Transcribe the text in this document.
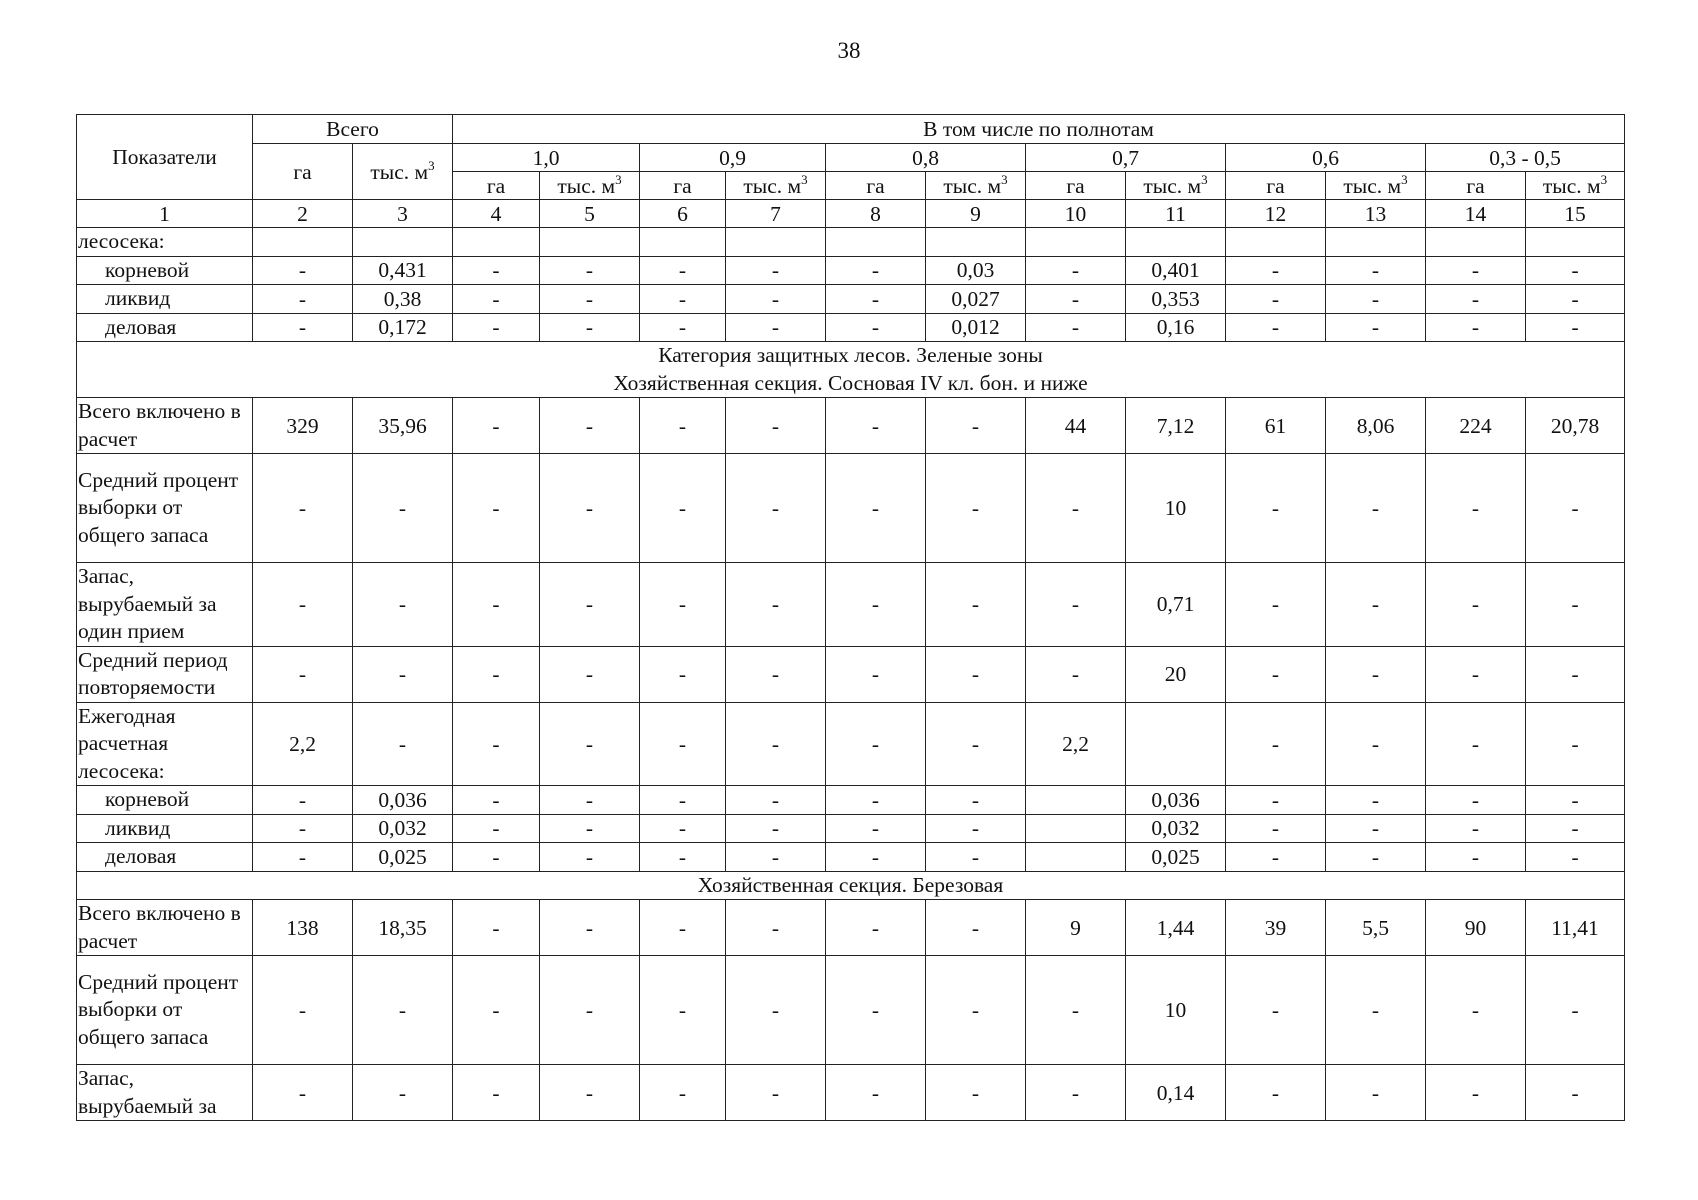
38
Показатели	Всего		В том числе по полнотам											
	га	тыс. $м^3$	1,0		0,9		0,8		0,7		0,6		0,3 - 0,5	
			га	тыс. $м^3$	га	тыс. $м^3$	га	тыс. $м^3$	га	тыс. $м^3$	га	тыс. $м^3$	га	тыс. $м^3$
1	2	3	4	5	6	7	8	9	10	11	12	13	14	15
лесосека:														
корневой	-	0,431	-	-	-	-	-	0,03	-	0,401	-	-	-	-
ликвид	-	0,38	-	-	-	-	-	0,027	-	0,353	-	-	-	-
деловая	-	0,172	-	-	-	-	-	0,012	-	0,16	-	-	-	-

Категория защитных лесов. Зеленые зоны
Хозяйственная секция. Сосновая IV кл. бон. и ниже														

Всего включено в расчет	329	35,96	-	-	-	-	-	-	44	7,12	61	8,06	224	20,78
Средний процент выборки от общего запаса	-	-	-	-	-	-	-	-	-	10	-	-	-	-
Запас, вырубаемый за один прием	-	-	-	-	-	-	-	-	-	0,71	-	-	-	-
Средний период повторяемости	-	-	-	-	-	-	-	-	-	20	-	-	-	-
Ежегодная расчетная лесосека:	2,2	-	-	-	-	-	-	-	2,2		-	-	-	-
корневой	-	0,036	-	-	-	-	-	-		0,036	-	-	-	-
ликвид	-	0,032	-	-	-	-	-	-		0,032	-	-	-	-
деловая	-	0,025	-	-	-	-	-	-		0,025	-	-	-	-

Хозяйственная секция. Березовая														

Всего включено в расчет	138	18,35	-	-	-	-	-	-	9	1,44	39	5,5	90	11,41
Средний процент выборки от общего запаса	-	-	-	-	-	-	-	-	-	10	-	-	-	-
Запас, вырубаемый за	-	-	-	-	-	-	-	-	-	0,14	-	-	-	-
